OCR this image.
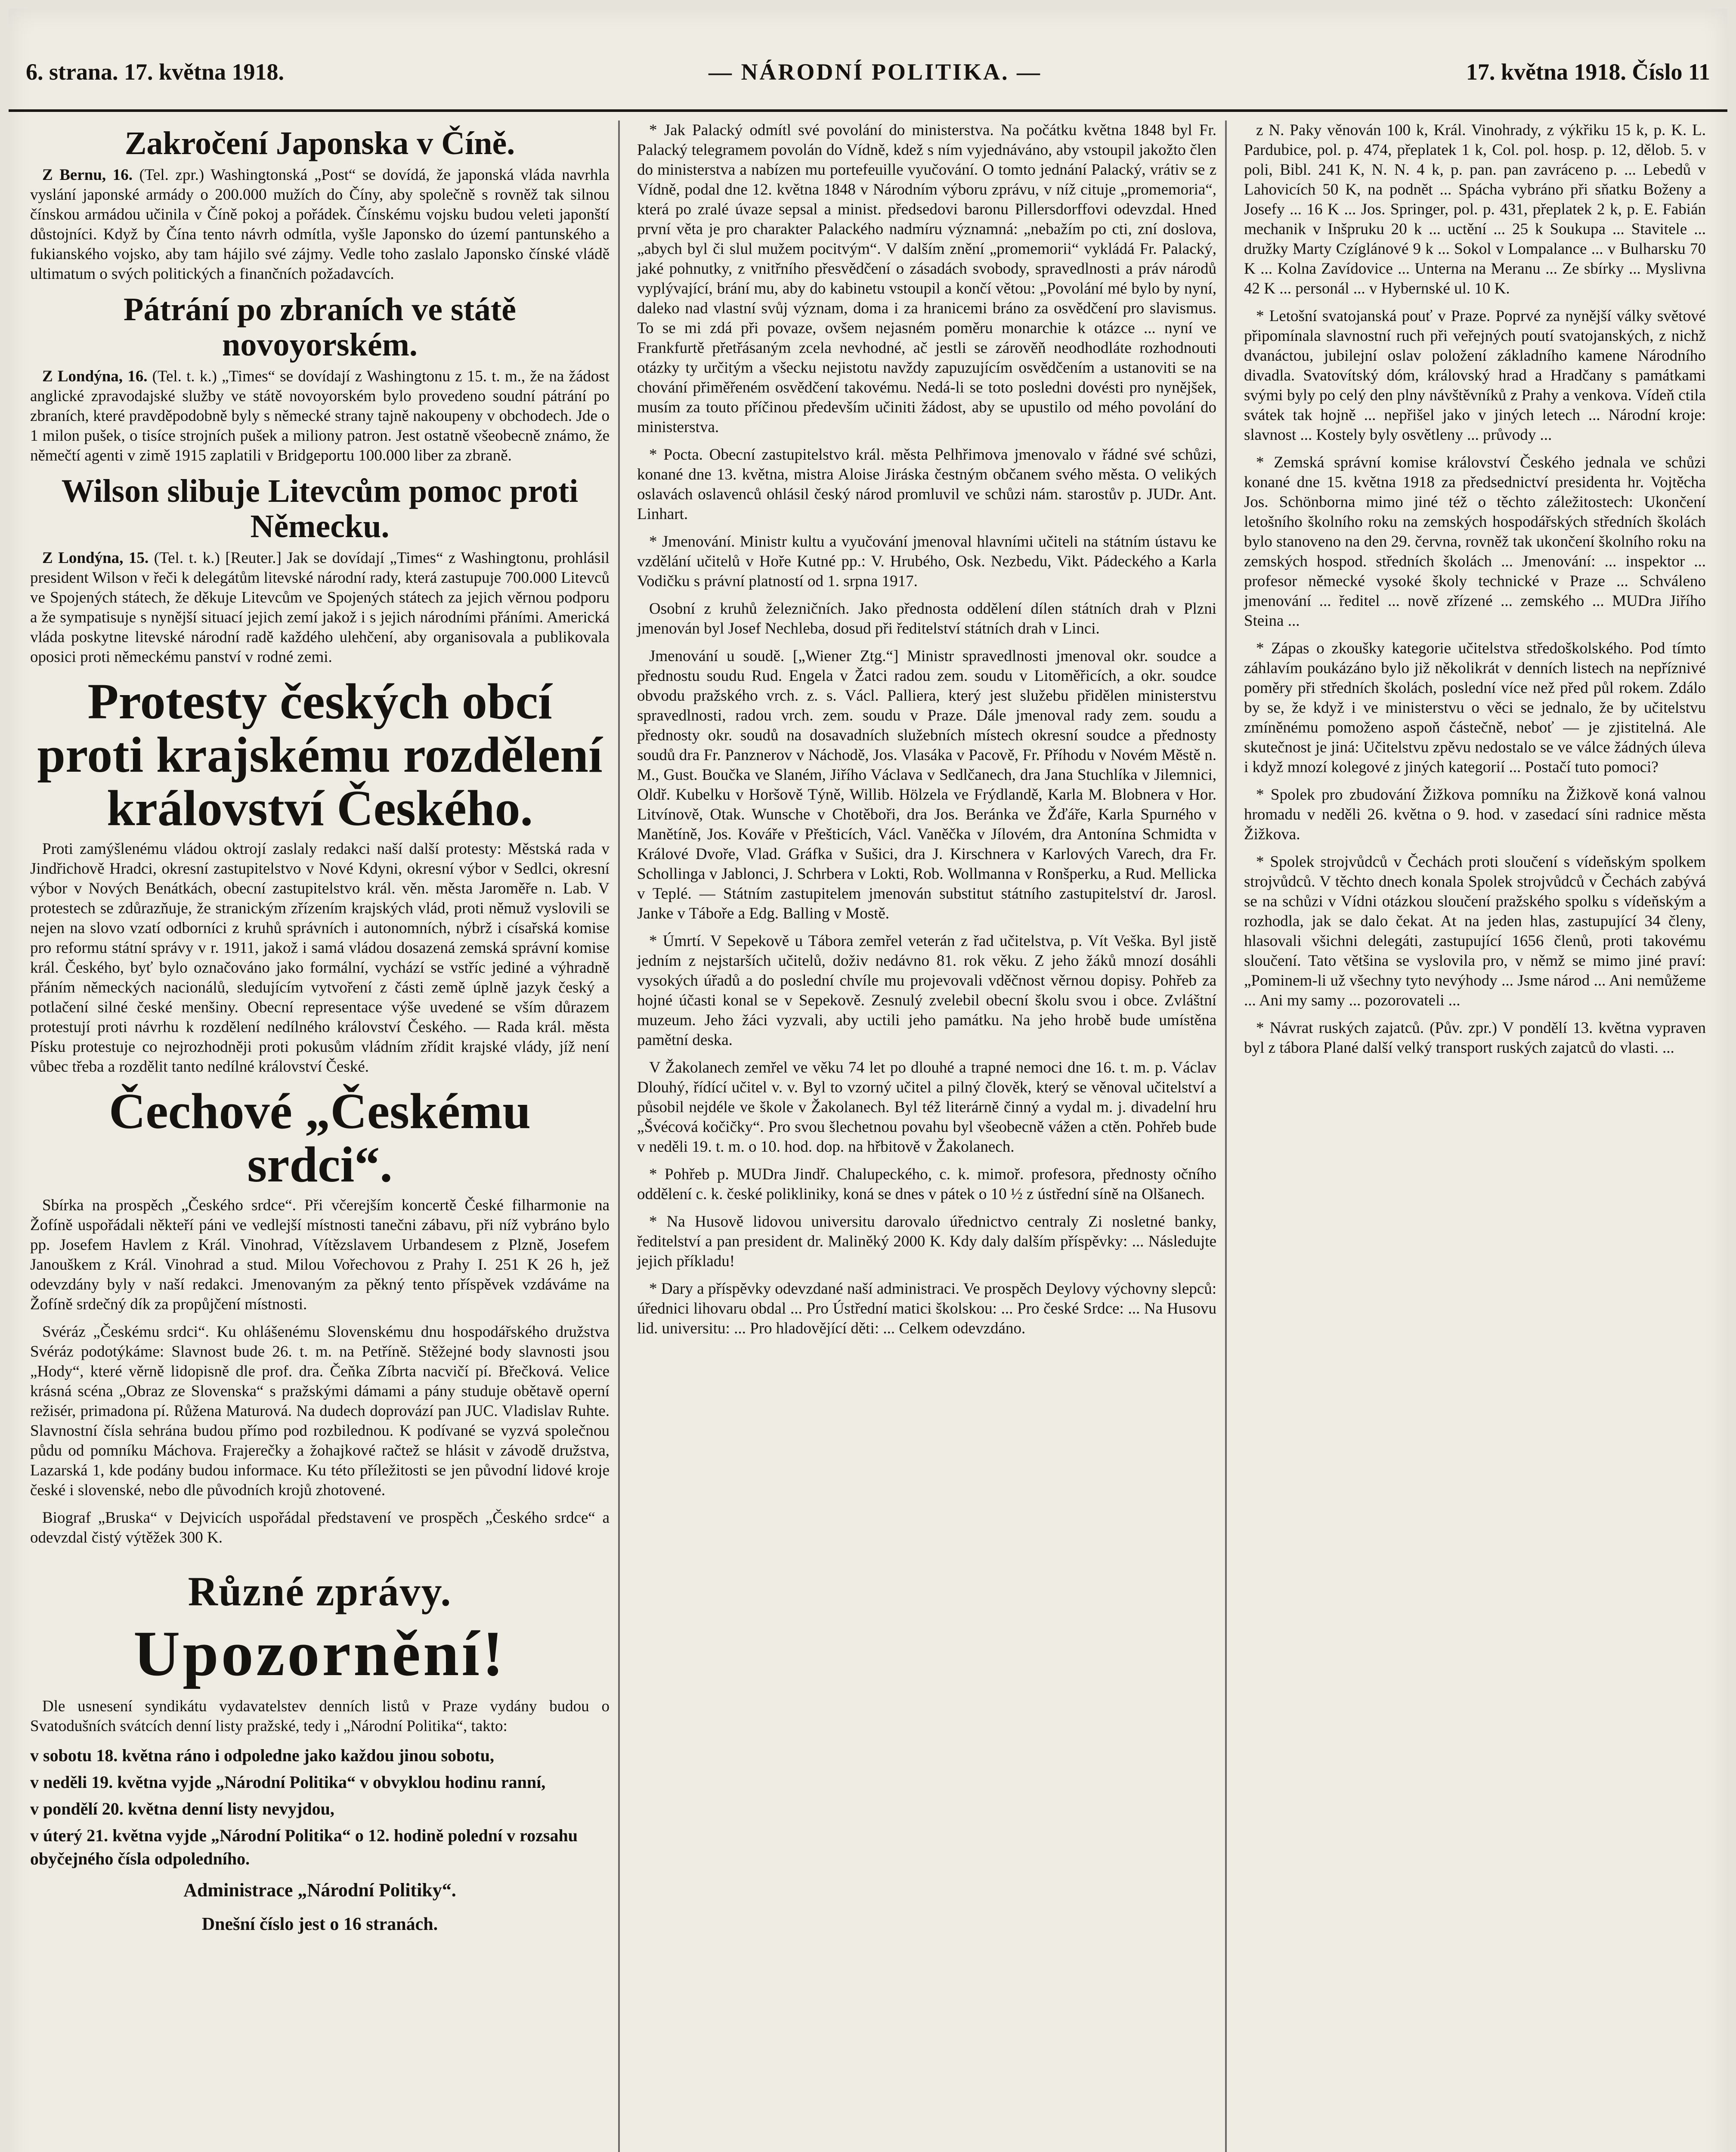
6. strana. 17. května 1918.	— NÁRODNÍ POLITIKA. —	17. května 1918. Číslo 11
Zakročení Japonska v Číně.

Z Bernu, 16. (Tel. zpr.) Washingtonská „Post“ se dovídá, že japonská vláda navrhla vyslání japonské armády o 200.000 mužích do Číny, aby společně s rovněž tak silnou čínskou armádou učinila v Číně pokoj a pořádek. Čínskému vojsku budou veleti japonští důstojníci. Když by Čína tento návrh odmítla, vyšle Japonsko do území pantunského a fukianského vojsko, aby tam hájilo své zájmy. Vedle toho zaslalo Japonsko čínské vládě ultimatum o svých politických a finančních požadavcích.

Pátrání po zbraních ve státě novoyorském.

Z Londýna, 16. (Tel. t. k.) „Times“ se dovídají z Washingtonu z 15. t. m., že na žádost anglické zpravodajské služby ve státě novoyorském bylo provedeno soudní pátrání po zbraních, které pravděpodobně byly s německé strany tajně nakoupeny v obchodech. Jde o 1 milon pušek, o tisíce strojních pušek a miliony patron. Jest ostatně všeobecně známo, že němečtí agenti v zimě 1915 zaplatili v Bridgeportu 100.000 liber za zbraně.

Wilson slibuje Litevcům pomoc proti Německu.

Z Londýna, 15. (Tel. t. k.) [Reuter.] Jak se dovídají „Times“ z Washingtonu, prohlásil president Wilson v řeči k delegátům litevské národní rady, která zastupuje 700.000 Litevců ve Spojených státech, že děkuje Litevcům ve Spojených státech za jejich věrnou podporu a že sympatisuje s nynější situací jejich zemí jakož i s jejich národními přáními. Americká vláda poskytne litevské národní radě každého ulehčení, aby organisovala a publikovala oposici proti německému panství v rodné zemi.

Protesty českých obcí proti krajskému rozdělení království Českého.

Proti zamýšlenému vládou oktrojí zaslaly redakci naší další protesty: Městská rada v Jindřichově Hradci, okresní zastupitelstvo v Nové Kdyni, okresní výbor v Sedlci, okresní výbor v Nových Benátkách, obecní zastupitelstvo král. věn. města Jaroměře n. Lab. V protestech se zdůrazňuje, že stranickým zřízením krajských vlád, proti němuž vyslovili se nejen na slovo vzatí odborníci z kruhů správních i autonomních, nýbrž i císařská komise pro reformu státní správy v r. 1911, jakož i samá vládou dosazená zemská správní komise král. Českého, byť bylo označováno jako formální, vychází se vstříc jediné a výhradně přáním německých nacionálů, sledujícím vytvoření z části země úplně jazyk český a potlačení silné české menšiny. Obecní representace výše uvedené se vším důrazem protestují proti návrhu k rozdělení nedílného království Českého. — Rada král. města Písku protestuje co nejrozhodněji proti pokusům vládním zřídit krajské vlády, jíž není vůbec třeba a rozdělit tanto nedílné království České.

Čechové „Českému srdci“.

Sbírka na prospěch „Českého srdce“. Při včerejším koncertě České filharmonie na Žofíně uspořádali někteří páni ve vedlejší místnosti tanečni zábavu, při níž vybráno bylo pp. Josefem Havlem z Král. Vinohrad, Vítězslavem Urbandesem z Plzně, Josefem Janouškem z Král. Vinohrad a stud. Milou Vořechovou z Prahy I. 251 K 26 h, jež odevzdány byly v naší redakci. Jmenovaným za pěkný tento příspěvek vzdáváme na Žofíně srdečný dík za propůjčení místnosti.

Svéráz „Českému srdci“. Ku ohlášenému Slovenskému dnu hospodářského družstva Svéráz podotýkáme: Slavnost bude 26. t. m. na Petříně. Stěžejné body slavnosti jsou „Hody“, které věrně lidopisně dle prof. dra. Čeňka Zíbrta nacvičí pí. Břečková. Velice krásná scéna „Obraz ze Slovenska“ s pražskými dámami a pány studuje obětavě operní režisér, primadona pí. Růžena Maturová. Na dudech doprovází pan JUC. Vladislav Ruhte. Slavnostní čísla sehrána budou přímo pod rozbilednou. K podívané se vyzvá společnou půdu od pomníku Máchova. Frajerečky a žohajkové račtež se hlásit v závodě družstva, Lazarská 1, kde podány budou informace. Ku této příležitosti se jen původní lidové kroje české i slovenské, nebo dle původních krojů zhotovené.

Biograf „Bruska“ v Dejvicích uspořádal představení ve prospěch „Českého srdce“ a odevzdal čistý výtěžek 300 K.

Různé zprávy.
Upozornění!

Dle usnesení syndikátu vydavatelstev denních listů v Praze vydány budou o Svatodušních svátcích denní listy pražské, tedy i „Národní Politika“, takto:

v sobotu 18. května ráno i odpoledne jako každou jinou sobotu,
v neděli 19. května vyjde „Národní Politika“ v obvyklou hodinu ranní,
v pondělí 20. května denní listy nevyjdou,
v úterý 21. května vyjde „Národní Politika“ o 12. hodině polední v rozsahu obyčejného čísla odpoledního.
Administrace „Národní Politiky“.
Dnešní číslo jest o 16 stranách.

* Jak Palacký odmítl své povolání do ministerstva. Na počátku května 1848 byl Fr. Palacký telegramem povolán do Vídně, kdež s ním vyjednáváno, aby vstoupil jakožto člen do ministerstva a nabízen mu portefeuille vyučování. O tomto jednání Palacký, vrátiv se z Vídně, podal dne 12. května 1848 v Národním výboru zprávu, v níž cituje „promemoria“, která po zralé úvaze sepsal a minist. předsedovi baronu Pillersdorffovi odevzdal. Hned první věta je pro charakter Palackého nadmíru významná: „nebažím po cti, zní doslova, „abych byl či slul mužem pocitvým“. V dalším znění „promemorii“ vykládá Fr. Palacký, jaké pohnutky, z vnitřního přesvědčení o zásadách svobody, spravedlnosti a práv národů vyplývající, brání mu, aby do kabinetu vstoupil a končí větou: „Povolání mé bylo by nyní, daleko nad vlastní svůj význam, doma i za hranicemi bráno za osvědčení pro slavismus. To se mi zdá při povaze, ovšem nejasném poměru monarchie k otázce ... nyní ve Frankfurtě přetřásaným zcela nevhodné, ač jestli se zárověň neodhodláte rozhodnouti otázky ty určitým a všecku nejistotu navždy zapuzujícím osvědčením a ustanoviti se na chování přiměřeném osvědčení takovému. Nedá-li se toto posledni dovésti pro nynějšek, musím za touto příčinou především učiniti žádost, aby se upustilo od mého povolání do ministerstva.

* Pocta. Obecní zastupitelstvo král. města Pelhřimova jmenovalo v řádné své schůzi, konané dne 13. května, mistra Aloise Jiráska čestným občanem svého města. O velikých oslavách oslavenců ohlásil český národ promluvil ve schůzi nám. starostův p. JUDr. Ant. Linhart.

* Jmenování. Ministr kultu a vyučování jmenoval hlavními učiteli na státním ústavu ke vzdělání učitelů v Hoře Kutné pp.: V. Hrubého, Osk. Nezbedu, Vikt. Pádeckého a Karla Vodičku s právní platností od 1. srpna 1917.

Osobní z kruhů železničních. Jako přednosta oddělení dílen státních drah v Plzni jmenován byl Josef Nechleba, dosud při ředitelství státních drah v Linci.

Jmenování u soudě. [„Wiener Ztg.“] Ministr spravedlnosti jmenoval okr. soudce a přednostu soudu Rud. Engela v Žatci radou zem. soudu v Litoměřicích, a okr. soudce obvodu pražského vrch. z. s. Václ. Palliera, který jest služebu přidělen ministerstvu spravedlnosti, radou vrch. zem. soudu v Praze. Dále jmenoval rady zem. soudu a přednosty okr. soudů na dosavadních služebních místech okresní soudce a přednosty soudů dra Fr. Panznerov v Náchodě, Jos. Vlasáka v Pacově, Fr. Příhodu v Novém Městě n. M., Gust. Boučka ve Slaném, Jiřího Václava v Sedlčanech, dra Jana Stuchlíka v Jilemnici, Oldř. Kubelku v Horšově Týně, Willib. Hölzela ve Frýdlandě, Karla M. Blobnera v Hor. Litvínově, Otak. Wunsche v Chotěboři, dra Jos. Beránka ve Žďáře, Karla Spurného v Manětíně, Jos. Kováře v Přešticích, Václ. Vaněčka v Jílovém, dra Antonína Schmidta v Králové Dvoře, Vlad. Gráfka v Sušici, dra J. Kirschnera v Karlových Varech, dra Fr. Schollinga v Jablonci, J. Schrbera v Lokti, Rob. Wollmanna v Ronšperku, a Rud. Mellicka v Teplé. — Státním zastupitelem jmenován substitut státního zastupitelství dr. Jarosl. Janke v Táboře a Edg. Balling v Mostě.

* Úmrtí. V Sepekově u Tábora zemřel veterán z řad učitelstva, p. Vít Veška. Byl jistě jedním z nejstarších učitelů, doživ nedávno 81. rok věku. Z jeho žáků mnozí dosáhli vysokých úřadů a do poslední chvíle mu projevovali vděčnost věrnou dopisy. Pohřeb za hojné účasti konal se v Sepekově. Zesnulý zvelebil obecní školu svou i obce. Zvláštní muzeum. Jeho žáci vyzvali, aby uctili jeho památku. Na jeho hrobě bude umístěna pamětní deska.

V Žakolanech zemřel ve věku 74 let po dlouhé a trapné nemoci dne 16. t. m. p. Václav Dlouhý, řídící učitel v. v. Byl to vzorný učitel a pilný člověk, který se věnoval učitelství a působil nejdéle ve škole v Žakolanech. Byl též literárně činný a vydal m. j. divadelní hru „Švécová kočičky“. Pro svou šlechetnou povahu byl všeobecně vážen a ctěn. Pohřeb bude v neděli 19. t. m. o 10. hod. dop. na hřbitově v Žakolanech.

* Pohřeb p. MUDra Jindř. Chalupeckého, c. k. mimoř. profesora, přednosty očního oddělení c. k. české polikliniky, koná se dnes v pátek o 10 ½ z ústřední síně na Olšanech.

* Na Husově lidovou universitu darovalo úřednictvo centraly Zi nosletné banky, ředitelství a pan president dr. Maliněký 2000 K. Kdy daly dalším příspěvky: ... Následujte jejich příkladu!

* Dary a příspěvky odevzdané naší administraci. Ve prospěch Deylovy výchovny slepců: úřednici lihovaru obdal ... Pro Ústřední matici školskou: ... Pro české Srdce: ... Na Husovu lid. universitu: ... Pro hladovějící děti: ... Celkem odevzdáno.

z N. Paky věnován 100 k, Král. Vinohrady, z výkřiku 15 k, p. K. L. Pardubice, pol. p. 474, přeplatek 1 k, Col. pol. hosp. p. 12, dělob. 5. v poli, Bibl. 241 K, N. N. 4 k, p. pan. pan zavráceno p. ... Lebedů v Lahovicích 50 K, na podnět ... Spácha vybráno při sňatku Boženy a Josefy ... 16 K ... Jos. Springer, pol. p. 431, přeplatek 2 k, p. E. Fabián mechanik v Inšpruku 20 k ... uctění ... 25 k Soukupa ... Stavitele ... družky Marty Czíglánové 9 k ... Sokol v Lompalance ... v Bulharsku 70 K ... Kolna Zavídovice ... Unterna na Meranu ... Ze sbírky ... Myslivna 42 K ... personál ... v Hybernské ul. 10 K.

* Letošní svatojanská pouť v Praze. Poprvé za nynější války světové připomínala slavnostní ruch při veřejných poutí svatojanských, z nichž dvanáctou, jubilejní oslav položení základního kamene Národního divadla. Svatovítský dóm, královský hrad a Hradčany s památkami svými byly po celý den plny návštěvníků z Prahy a venkova. Vídeň ctila svátek tak hojně ... nepřišel jako v jiných letech ... Národní kroje: slavnost ... Kostely byly osvětleny ... průvody ...

* Zemská správní komise království Českého jednala ve schůzi konané dne 15. května 1918 za předsednictví presidenta hr. Vojtěcha Jos. Schönborna mimo jiné též o těchto záležitostech: Ukončení letošního školního roku na zemských hospodářských středních školách bylo stanoveno na den 29. června, rovněž tak ukončení školního roku na zemských hospod. středních školách ... Jmenování: ... inspektor ... profesor německé vysoké školy technické v Praze ... Schváleno jmenování ... ředitel ... nově zřízené ... zemského ... MUDra Jiřího Steina ...

* Zápas o zkoušky kategorie učitelstva středoškolského. Pod tímto záhlavím poukázáno bylo již několikrát v denních listech na nepříznivé poměry při středních školách, poslední více než před půl rokem. Zdálo by se, že když i ve ministerstvu o věci se jednalo, že by učitelstvu zmíněnému pomoženo aspoň částečně, neboť — je zjistitelná. Ale skutečnost je jiná: Učitelstvu zpěvu nedostalo se ve válce žádných úleva i když mnozí kolegové z jiných kategorií ... Postačí tuto pomoci?

* Spolek pro zbudování Žižkova pomníku na Žižkově koná valnou hromadu v neděli 26. května o 9. hod. v zasedací síni radnice města Žižkova.

* Spolek strojvůdců v Čechách proti sloučení s vídeňským spolkem strojvůdců. V těchto dnech konala Spolek strojvůdců v Čechách zabývá se na schůzi v Vídni otázkou sloučení pražského spolku s vídeňským a rozhodla, jak se dalo čekat. At na jeden hlas, zastupující 34 členy, hlasovali všichni delegáti, zastupující 1656 členů, proti takovému sloučení. Tato většina se vyslovila pro, v němž se mimo jiné praví: „Pominem-li už všechny tyto nevýhody ... Jsme národ ... Ani nemůžeme ... Ani my samy ... pozorovateli ...

* Návrat ruských zajatců. (Pův. zpr.) V pondělí 13. května vypraven byl z tábora Plané další velký transport ruských zajatců do vlasti. ...
